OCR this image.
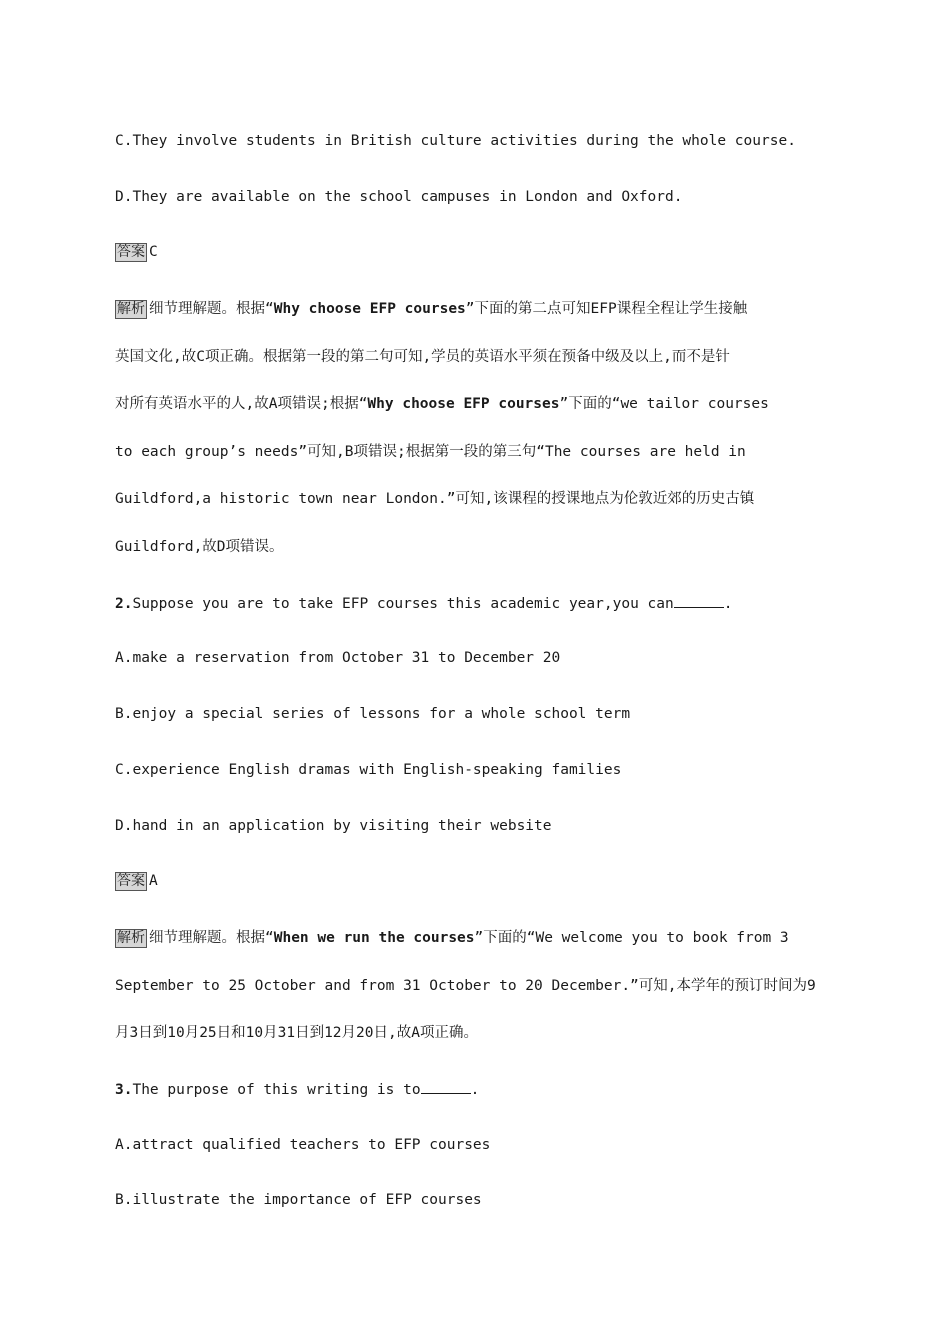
C.They involve students in British culture activities during the whole course.
D.They are available on the school campuses in London and Oxford.
答案 C
解析 细节理解题。根据“Why choose EFP courses”下面的第二点可知EFP课程全程让学生接触
英国文化,故C项正确。根据第一段的第二句可知,学员的英语水平须在预备中级及以上,而不是针
对所有英语水平的人,故A项错误;根据“Why choose EFP courses”下面的“we tailor courses
to each group’s needs”可知,B项错误;根据第一段的第三句“The courses are held in
Guildford,a historic town near London.”可知,该课程的授课地点为伦敦近郊的历史古镇
Guildford,故D项错误。
2.Suppose you are to take EFP courses this academic year,you can	.
A.make a reservation from October 31 to December 20
B.enjoy a special series of lessons for a whole school term
C.experience English dramas with English-speaking families
D.hand in an application by visiting their website
答案 A
解析 细节理解题。根据“When we run the courses”下面的“We welcome you to book from 3
September to 25 October and from 31 October to 20 December.”可知,本学年的预订时间为9
月3日到10月25日和10月31日到12月20日,故A项正确。
3.The purpose of this writing is to	.
A.attract qualified teachers to EFP courses
B.illustrate the importance of EFP courses
